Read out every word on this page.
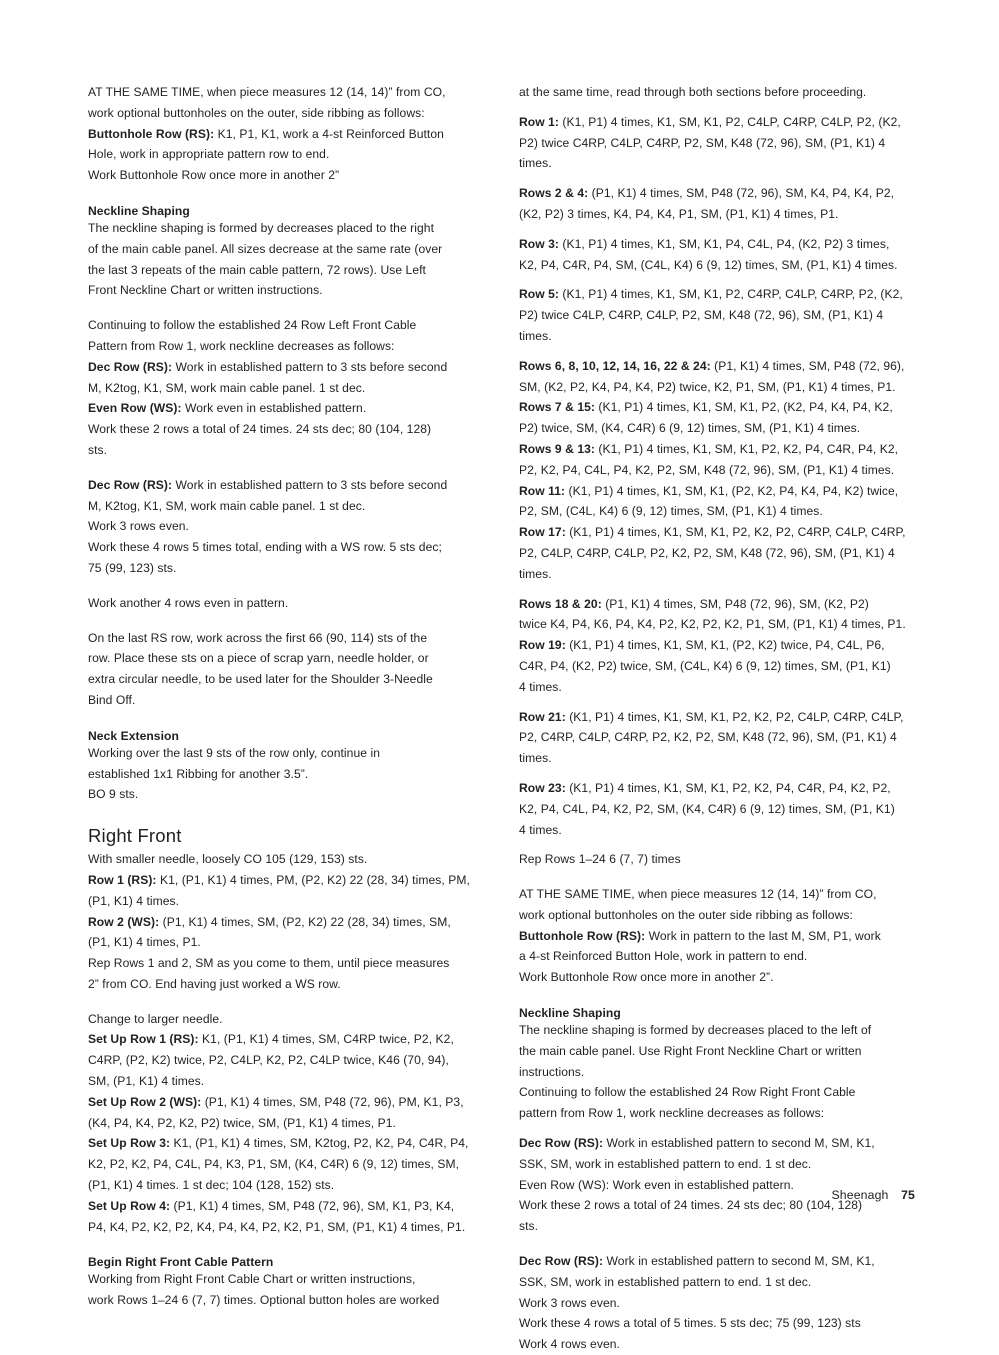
AT THE SAME TIME, when piece measures 12 (14, 14)” from CO,
work optional buttonholes on the outer, side ribbing as follows:
Buttonhole Row (RS): K1, P1, K1, work a 4-st Reinforced Button
Hole, work in appropriate pattern row to end.
Work Buttonhole Row once more in another 2”

Neckline Shaping

The neckline shaping is formed by decreases placed to the right
of the main cable panel. All sizes decrease at the same rate (over
the last 3 repeats of the main cable pattern, 72 rows). Use Left
Front Neckline Chart or written instructions.

Continuing to follow the established 24 Row Left Front Cable
Pattern from Row 1, work neckline decreases as follows:

Dec Row (RS): Work in established pattern to 3 sts before second
M, K2tog, K1, SM, work main cable panel. 1 st dec.

Even Row (WS): Work even in established pattern.

Work these 2 rows a total of 24 times. 24 sts dec; 80 (104, 128)
sts.

Dec Row (RS): Work in established pattern to 3 sts before second
M, K2tog, K1, SM, work main cable panel. 1 st dec.
Work 3 rows even.

Work these 4 rows 5 times total, ending with a WS row. 5 sts dec;
75 (99, 123) sts.

Work another 4 rows even in pattern.

On the last RS row, work across the first 66 (90, 114) sts of the
row. Place these sts on a piece of scrap yarn, needle holder, or
extra circular needle, to be used later for the Shoulder 3-Needle
Bind Off.

Neck Extension

Working over the last 9 sts of the row only, continue in
established 1x1 Ribbing for another 3.5”.
BO 9 sts.

Right Front

With smaller needle, loosely CO 105 (129, 153) sts.
Row 1 (RS): K1, (P1, K1) 4 times, PM, (P2, K2) 22 (28, 34) times, PM,
(P1, K1) 4 times.
Row 2 (WS): (P1, K1) 4 times, SM, (P2, K2) 22 (28, 34) times, SM,
(P1, K1) 4 times, P1.
Rep Rows 1 and 2, SM as you come to them, until piece measures
2” from CO. End having just worked a WS row.

Change to larger needle.

Set Up Row 1 (RS): K1, (P1, K1) 4 times, SM, C4RP twice, P2, K2,
C4RP, (P2, K2) twice, P2, C4LP, K2, P2, C4LP twice, K46 (70, 94),
SM, (P1, K1) 4 times.
Set Up Row 2 (WS): (P1, K1) 4 times, SM, P48 (72, 96), PM, K1, P3,
(K4, P4, K4, P2, K2, P2) twice, SM, (P1, K1) 4 times, P1.
Set Up Row 3: K1, (P1, K1) 4 times, SM, K2tog, P2, K2, P4, C4R, P4,
K2, P2, K2, P4, C4L, P4, K3, P1, SM, (K4, C4R) 6 (9, 12) times, SM,
(P1, K1) 4 times. 1 st dec; 104 (128, 152) sts.
Set Up Row 4: (P1, K1) 4 times, SM, P48 (72, 96), SM, K1, P3, K4,
P4, K4, P2, K2, P2, K4, P4, K4, P2, K2, P1, SM, (P1, K1) 4 times, P1.

Begin Right Front Cable Pattern

Working from Right Front Cable Chart or written instructions,
work Rows 1–24 6 (7, 7) times. Optional button holes are worked

at the same time, read through both sections before proceeding.

Row 1: (K1, P1) 4 times, K1, SM, K1, P2, C4LP, C4RP, C4LP, P2, (K2,
P2) twice C4RP, C4LP, C4RP, P2, SM, K48 (72, 96), SM, (P1, K1) 4
times.

Rows 2 & 4: (P1, K1) 4 times, SM, P48 (72, 96), SM, K4, P4, K4, P2,
(K2, P2) 3 times, K4, P4, K4, P1, SM, (P1, K1) 4 times, P1.

Row 3: (K1, P1) 4 times, K1, SM, K1, P4, C4L, P4, (K2, P2) 3 times,
K2, P4, C4R, P4, SM, (C4L, K4) 6 (9, 12) times, SM, (P1, K1) 4 times.

Row 5: (K1, P1) 4 times, K1, SM, K1, P2, C4RP, C4LP, C4RP, P2, (K2,
P2) twice C4LP, C4RP, C4LP, P2, SM, K48 (72, 96), SM, (P1, K1) 4
times.

Rows 6, 8, 10, 12, 14, 16, 22 & 24: (P1, K1) 4 times, SM, P48 (72, 96),
SM, (K2, P2, K4, P4, K4, P2) twice, K2, P1, SM, (P1, K1) 4 times, P1.

Rows 7 & 15: (K1, P1) 4 times, K1, SM, K1, P2, (K2, P4, K4, P4, K2,
P2) twice, SM, (K4, C4R) 6 (9, 12) times, SM, (P1, K1) 4 times.

Rows 9 & 13: (K1, P1) 4 times, K1, SM, K1, P2, K2, P4, C4R, P4, K2,
P2, K2, P4, C4L, P4, K2, P2, SM, K48 (72, 96), SM, (P1, K1) 4 times.

Row 11: (K1, P1) 4 times, K1, SM, K1, (P2, K2, P4, K4, P4, K2) twice,
P2, SM, (C4L, K4) 6 (9, 12) times, SM, (P1, K1) 4 times.

Row 17: (K1, P1) 4 times, K1, SM, K1, P2, K2, P2, C4RP, C4LP, C4RP,
P2, C4LP, C4RP, C4LP, P2, K2, P2, SM, K48 (72, 96), SM, (P1, K1) 4
times.

Rows 18 & 20: (P1, K1) 4 times, SM, P48 (72, 96), SM, (K2, P2)
twice K4, P4, K6, P4, K4, P2, K2, P2, K2, P1, SM, (P1, K1) 4 times, P1.

Row 19: (K1, P1) 4 times, K1, SM, K1, (P2, K2) twice, P4, C4L, P6,
C4R, P4, (K2, P2) twice, SM, (C4L, K4) 6 (9, 12) times, SM, (P1, K1)
4 times.

Row 21: (K1, P1) 4 times, K1, SM, K1, P2, K2, P2, C4LP, C4RP, C4LP,
P2, C4RP, C4LP, C4RP, P2, K2, P2, SM, K48 (72, 96), SM, (P1, K1) 4
times.

Row 23: (K1, P1) 4 times, K1, SM, K1, P2, K2, P4, C4R, P4, K2, P2,
K2, P4, C4L, P4, K2, P2, SM, (K4, C4R) 6 (9, 12) times, SM, (P1, K1)
4 times.

Rep Rows 1–24 6 (7, 7) times

AT THE SAME TIME, when piece measures 12 (14, 14)” from CO,
work optional buttonholes on the outer side ribbing as follows:
Buttonhole Row (RS): Work in pattern to the last M, SM, P1, work
a 4-st Reinforced Button Hole, work in pattern to end.
Work Buttonhole Row once more in another 2”.

Neckline Shaping

The neckline shaping is formed by decreases placed to the left of
the main cable panel. Use Right Front Neckline Chart or written
instructions.

Continuing to follow the established 24 Row Right Front Cable
pattern from Row 1, work neckline decreases as follows:

Dec Row (RS): Work in established pattern to second M, SM, K1,
SSK, SM, work in established pattern to end. 1 st dec.

Even Row (WS): Work even in established pattern.

Work these 2 rows a total of 24 times. 24 sts dec; 80 (104, 128)
sts.

Dec Row (RS): Work in established pattern to second M, SM, K1,
SSK, SM, work in established pattern to end. 1 st dec.
Work 3 rows even.

Work these 4 rows a total of 5 times. 5 sts dec; 75 (99, 123) sts
Work 4 rows even.

Sheenagh 75
